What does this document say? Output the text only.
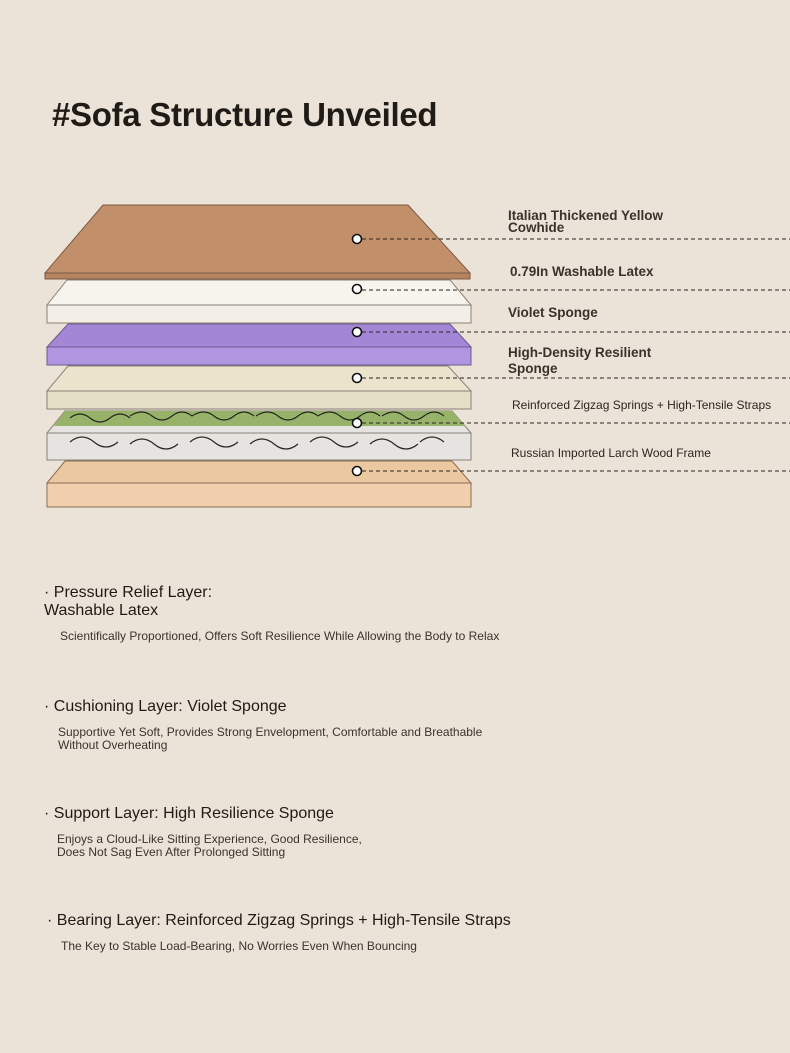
#Sofa Structure Unveiled
Italian Thickened Yellow
Cowhide
0.79In Washable Latex
Violet Sponge
High-Density Resilient
Sponge
Reinforced Zigzag Springs + High-Tensile Straps
Russian Imported Larch Wood Frame

· Pressure Relief Layer:
Washable Latex

Scientifically Proportioned, Offers Soft Resilience While Allowing the Body to Relax

· Cushioning Layer: Violet Sponge

Supportive Yet Soft, Provides Strong Envelopment, Comfortable and Breathable
Without Overheating

· Support Layer: High Resilience Sponge

Enjoys a Cloud-Like Sitting Experience, Good Resilience,
Does Not Sag Even After Prolonged Sitting

· Bearing Layer: Reinforced Zigzag Springs + High-Tensile Straps

The Key to Stable Load-Bearing, No Worries Even When Bouncing
